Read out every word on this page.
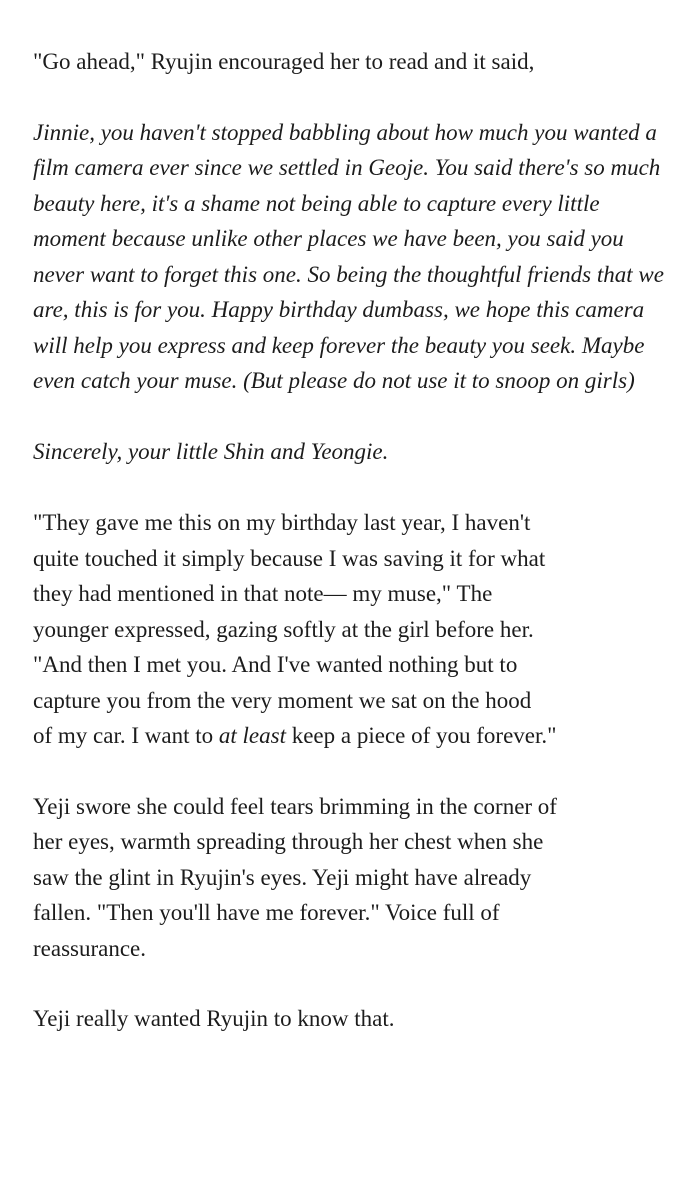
"Go ahead," Ryujin encouraged her to read and it said,

Jinnie, you haven't stopped babbling about how much you wanted a
film camera ever since we settled in Geoje. You said there's so much
beauty here, it's a shame not being able to capture every little
moment because unlike other places we have been, you said you
never want to forget this one. So being the thoughtful friends that we
are, this is for you. Happy birthday dumbass, we hope this camera
will help you express and keep forever the beauty you seek. Maybe
even catch your muse. (But please do not use it to snoop on girls)

Sincerely, your little Shin and Yeongie.

"They gave me this on my birthday last year, I haven't
quite touched it simply because I was saving it for what
they had mentioned in that note— my muse," The
younger expressed, gazing softly at the girl before her.
"And then I met you. And I've wanted nothing but to
capture you from the very moment we sat on the hood
of my car. I want to at least keep a piece of you forever."

Yeji swore she could feel tears brimming in the corner of
her eyes, warmth spreading through her chest when she
saw the glint in Ryujin's eyes. Yeji might have already
fallen. "Then you'll have me forever." Voice full of
reassurance.

Yeji really wanted Ryujin to know that.
